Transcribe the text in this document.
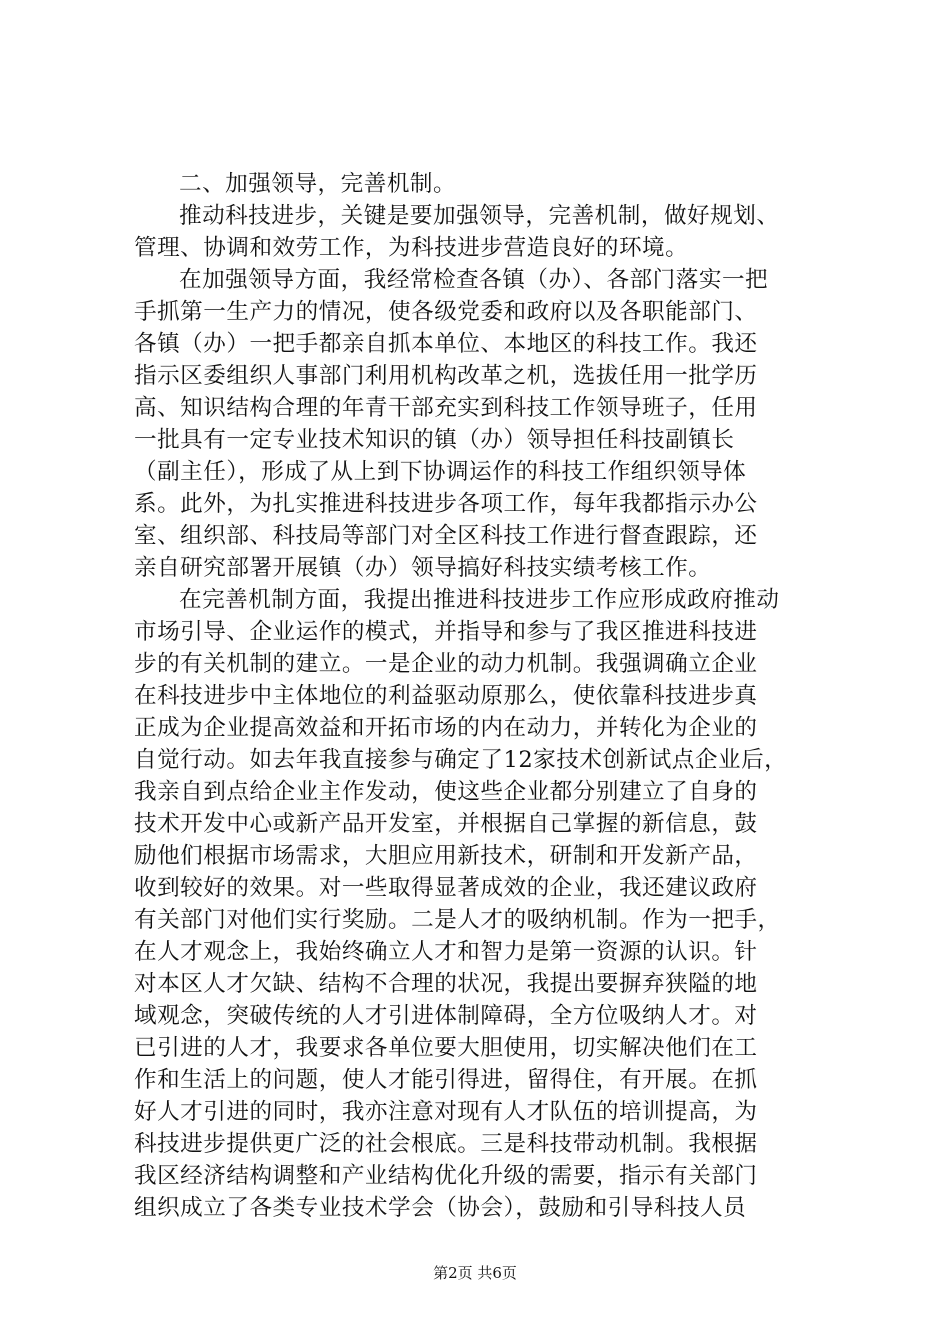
二、加强领导，完善机制。
推动科技进步，关键是要加强领导，完善机制，做好规划、
管理、协调和效劳工作，为科技进步营造良好的环境。
在加强领导方面，我经常检查各镇（办）、各部门落实一把
手抓第一生产力的情况，使各级党委和政府以及各职能部门、
各镇（办）一把手都亲自抓本单位、本地区的科技工作。我还
指示区委组织人事部门利用机构改革之机，选拔任用一批学历
高、知识结构合理的年青干部充实到科技工作领导班子，任用
一批具有一定专业技术知识的镇（办）领导担任科技副镇长
（副主任），形成了从上到下协调运作的科技工作组织领导体
系。此外，为扎实推进科技进步各项工作，每年我都指示办公
室、组织部、科技局等部门对全区科技工作进行督查跟踪，还
亲自研究部署开展镇（办）领导搞好科技实绩考核工作。
在完善机制方面，我提出推进科技进步工作应形成政府推动
市场引导、企业运作的模式，并指导和参与了我区推进科技进
步的有关机制的建立。一是企业的动力机制。我强调确立企业
在科技进步中主体地位的利益驱动原那么，使依靠科技进步真
正成为企业提高效益和开拓市场的内在动力，并转化为企业的
自觉行动。如去年我直接参与确定了12家技术创新试点企业后，
我亲自到点给企业主作发动，使这些企业都分别建立了自身的
技术开发中心或新产品开发室，并根据自己掌握的新信息，鼓
励他们根据市场需求，大胆应用新技术，研制和开发新产品，
收到较好的效果。对一些取得显著成效的企业，我还建议政府
有关部门对他们实行奖励。二是人才的吸纳机制。作为一把手，
在人才观念上，我始终确立人才和智力是第一资源的认识。针
对本区人才欠缺、结构不合理的状况，我提出要摒弃狭隘的地
域观念，突破传统的人才引进体制障碍，全方位吸纳人才。对
已引进的人才，我要求各单位要大胆使用，切实解决他们在工
作和生活上的问题，使人才能引得进，留得住，有开展。在抓
好人才引进的同时，我亦注意对现有人才队伍的培训提高，为
科技进步提供更广泛的社会根底。三是科技带动机制。我根据
我区经济结构调整和产业结构优化升级的需要，指示有关部门
组织成立了各类专业技术学会（协会），鼓励和引导科技人员
第2页 共6页
